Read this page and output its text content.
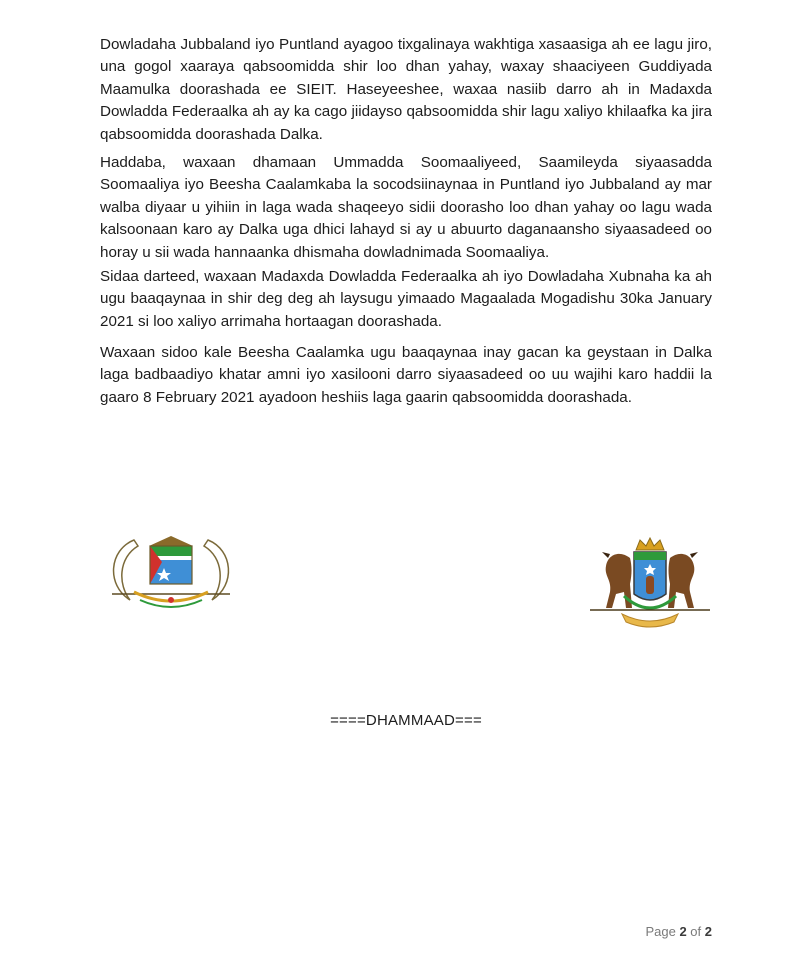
Dowladaha Jubbaland iyo Puntland ayagoo tixgalinaya wakhtiga xasaasiga ah ee lagu jiro, una gogol xaaraya qabsoomidda shir loo dhan yahay, waxay shaaciyeen Guddiyada Maamulka doorashada ee SIEIT. Haseyeeshee, waxaa nasiib darro ah in Madaxda Dowladda Federaalka ah ay ka cago jiidayso qabsoomidda shir lagu xaliyo khilaafka ka jira qabsoomidda doorashada Dalka.

Haddaba, waxaan dhamaan Ummadda Soomaaliyeed, Saamileyda siyaasadda Soomaaliya iyo Beesha Caalamkaba la socodsiinaynaa in Puntland iyo Jubbaland ay mar walba diyaar u yihiin in laga wada shaqeeyo sidii doorasho loo dhan yahay oo lagu wada kalsoonaan karo ay Dalka uga dhici lahayd si ay u abuurto daganaansho siyaasadeed oo horay u sii wada hannaanka dhismaha dowladnimada Soomaaliya.

Sidaa darteed, waxaan Madaxda Dowladda Federaalka ah iyo Dowladaha Xubnaha ka ah ugu baaqaynaa in shir deg deg ah laysugu yimaado Magaalada Mogadishu 30ka January 2021 si loo xaliyo arrimaha hortaagan doorashada.

Waxaan sidoo kale Beesha Caalamka ugu baaqaynaa inay gacan ka geystaan in Dalka laga badbaadiyo khatar amni iyo xasilooni darro siyaasadeed oo uu wajihi karo haddii la gaaro 8 February 2021 ayadoon heshiis laga gaarin qabsoomidda doorashada.

====DHAMMAAD===
Page 2 of 2
